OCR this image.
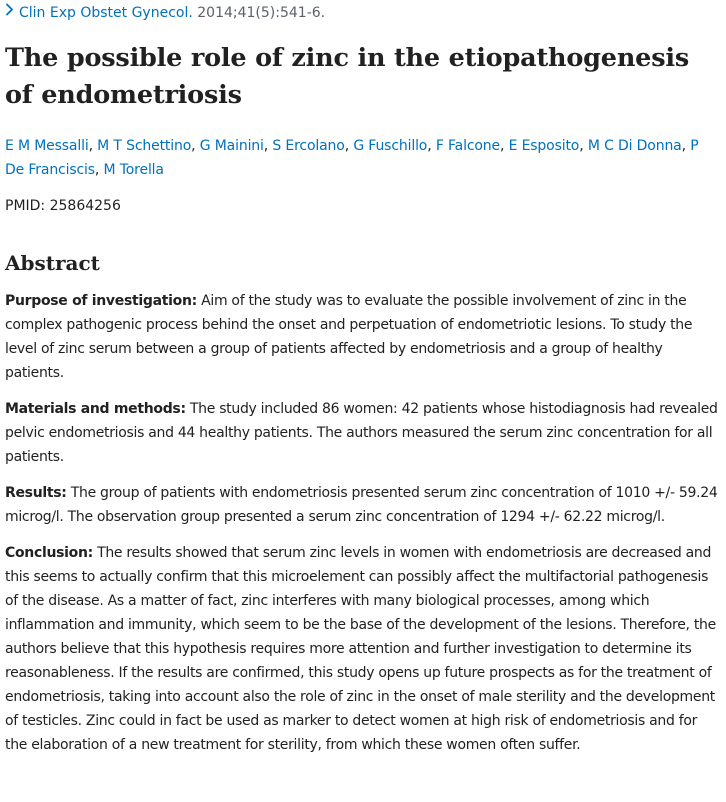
Clin Exp Obstet Gynecol. 2014;41(5):541-6.
The possible role of zinc in the etiopathogenesis of endometriosis
E M Messalli, M T Schettino, G Mainini, S Ercolano, G Fuschillo, F Falcone, E Esposito, M C Di Donna, P De Franciscis, M Torella
PMID: 25864256
Abstract

Purpose of investigation: Aim of the study was to evaluate the possible involvement of zinc in the complex pathogenic process behind the onset and perpetuation of endometriotic lesions. To study the level of zinc serum between a group of patients affected by endometriosis and a group of healthy patients.

Materials and methods: The study included 86 women: 42 patients whose histodiagnosis had revealed pelvic endometriosis and 44 healthy patients. The authors measured the serum zinc concentration for all patients.

Results: The group of patients with endometriosis presented serum zinc concentration of 1010 +/- 59.24 microg/l. The observation group presented a serum zinc concentration of 1294 +/- 62.22 microg/l.

Conclusion: The results showed that serum zinc levels in women with endometriosis are decreased and this seems to actually confirm that this microelement can possibly affect the multifactorial pathogenesis of the disease. As a matter of fact, zinc interferes with many biological processes, among which inflammation and immunity, which seem to be the base of the development of the lesions. Therefore, the authors believe that this hypothesis requires more attention and further investigation to determine its reasonableness. If the results are confirmed, this study opens up future prospects as for the treatment of endometriosis, taking into account also the role of zinc in the onset of male sterility and the development of testicles. Zinc could in fact be used as marker to detect women at high risk of endometriosis and for the elaboration of a new treatment for sterility, from which these women often suffer.
